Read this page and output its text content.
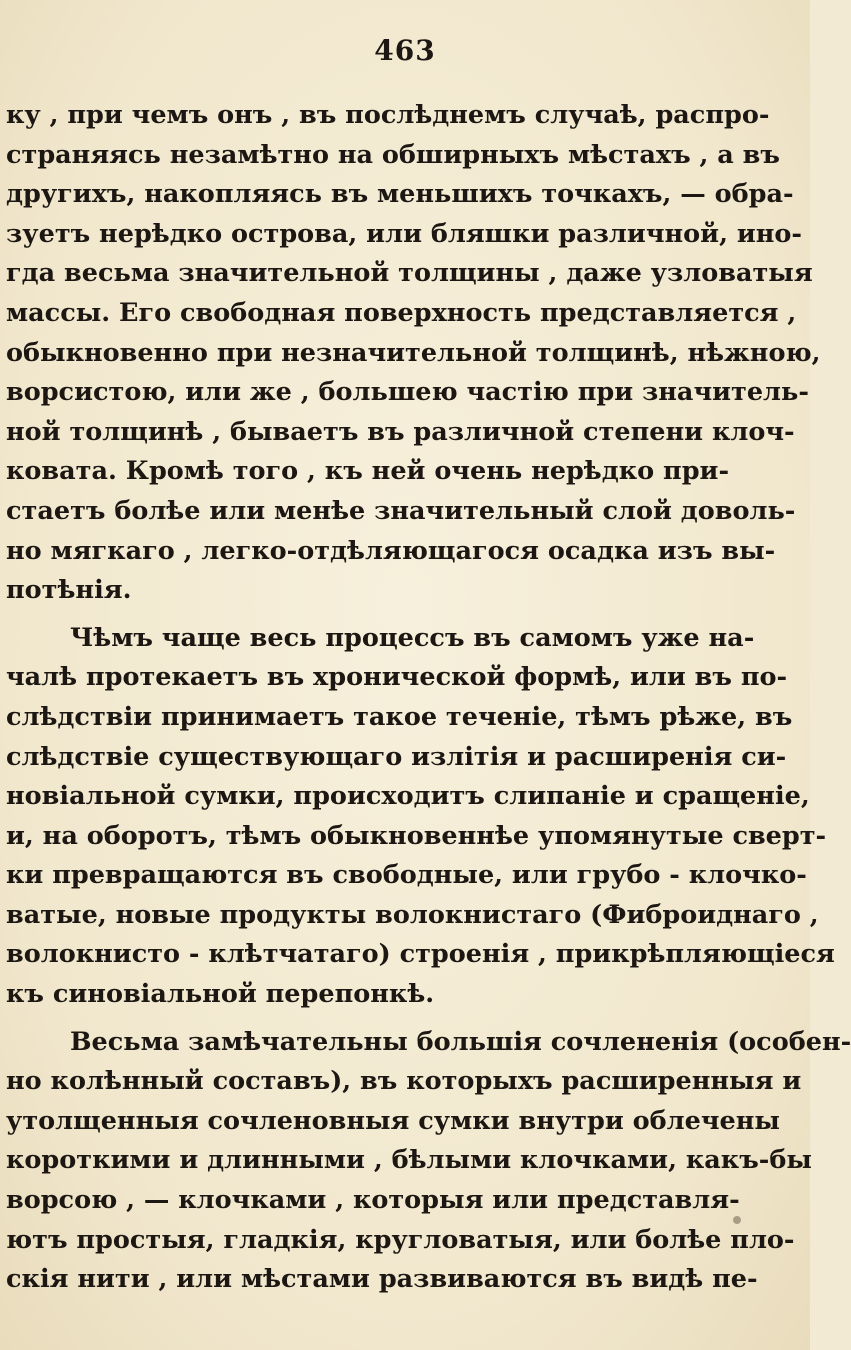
463
ку , при чемъ онъ , въ послѣднемъ случаѣ, распро-
страняясь незамѣтно на обширныхъ мѣстахъ , а въ
другихъ, накопляясь въ меньшихъ точкахъ, — обра-
зуетъ нерѣдко острова, или бляшки различной, ино-
гда весьма значительной толщины , даже узловатыя
массы. Его свободная поверхность представляется ,
обыкновенно при незначительной толщинѣ, нѣжною,
ворсистою, или же , большею частію при значитель-
ной толщинѣ , бываетъ въ различной степени клоч-
коватa. Кромѣ того , къ ней очень нерѣдко при-
стаетъ болѣе или менѣе значительный слой доволь-
но мягкаго , легко-отдѣляющагося осадка изъ вы-
потѣнія.
Чѣмъ чаще весь процессъ въ самомъ уже на-
чалѣ протекаетъ въ хронической формѣ, или въ по-
слѣдствіи принимаетъ такое теченіе, тѣмъ рѣже, въ
слѣдствіе существующаго излітія и расширенія си-
новіальной сумки, происходитъ слипаніе и сращеніе,
и, на оборотъ, тѣмъ обыкновеннѣе упомянутые сверт-
ки превращаются въ свободные, или грубо - клочко-
ватые, новые продукты волокнистаго (Фиброиднаго ,
волокнисто - клѣтчатаго) строенія , прикрѣпляющіеся
къ синовіальной перепонкѣ.
Весьма замѣчательны большія сочлененія (особен-
но колѣнный составъ), въ которыхъ расширенныя и
утолщенныя сочленовныя сумки внутри облечены
короткими и длинными , бѣлыми клочками, какъ-бы
ворсою , — клочками , которыя или представля-
ютъ простыя, гладкія, кругловатыя, или болѣе пло-
скія нити , или мѣстами развиваются въ видѣ пе-
